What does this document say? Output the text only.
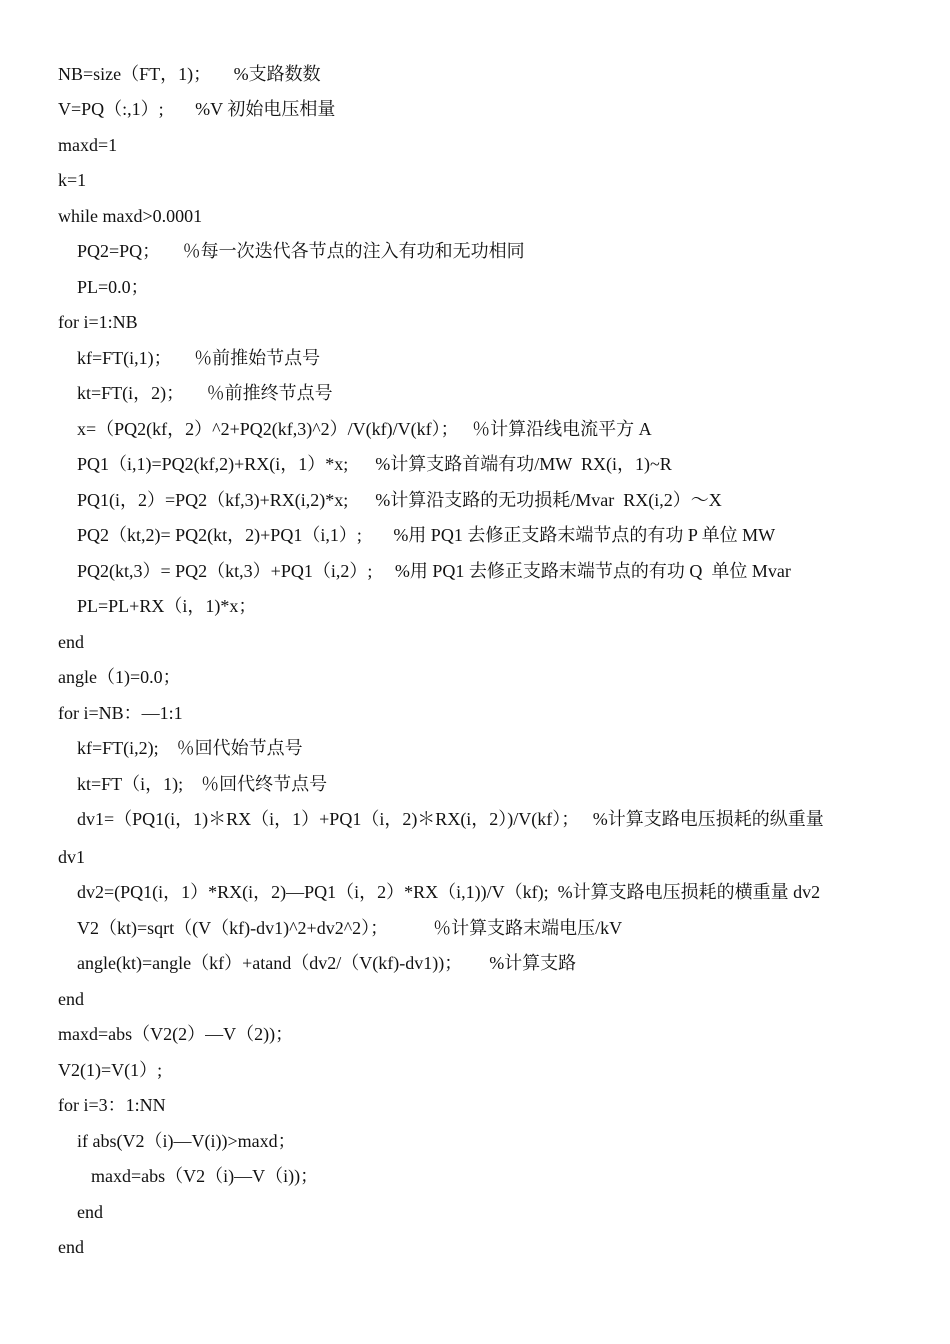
NB=size（FT，1)；     %支路数数
V=PQ（:,1）;       %V 初始电压相量
maxd=1
k=1
while maxd>0.0001
PQ2=PQ；     ％每一次迭代各节点的注入有功和无功相同
PL=0.0；
for i=1:NB
kf=FT(i,1)；     ％前推始节点号
kt=FT(i，2)；     ％前推终节点号
x=（PQ2(kf，2）^2+PQ2(kf,3)^2）/V(kf)/V(kf）；   ％计算沿线电流平方 A
PQ1（i,1)=PQ2(kf,2)+RX(i，1）*x;      %计算支路首端有功/MW  RX(i，1)~R
PQ1(i，2）=PQ2（kf,3)+RX(i,2)*x;      %计算沿支路的无功损耗/Mvar  RX(i,2）～X
PQ2（kt,2)= PQ2(kt，2)+PQ1（i,1）;       %用 PQ1 去修正支路末端节点的有功 P 单位 MW
PQ2(kt,3）= PQ2（kt,3）+PQ1（i,2）;     %用 PQ1 去修正支路末端节点的有功 Q  单位 Mvar
PL=PL+RX（i，1)*x；
end
angle（1)=0.0；
for i=NB：—1:1
kf=FT(i,2);    ％回代始节点号
kt=FT（i，1);    ％回代终节点号
dv1=（PQ1(i，1)＊RX（i，1）+PQ1（i，2)＊RX(i，2）)/V(kf）；   %计算支路电压损耗的纵重量
dv1
dv2=(PQ1(i，1）*RX(i，2)—PQ1（i，2）*RX（i,1))/V（kf);  %计算支路电压损耗的横重量 dv2
V2（kt)=sqrt（(V（kf)-dv1)^2+dv2^2）；          ％计算支路末端电压/kV
angle(kt)=angle（kf）+atand（dv2/（V(kf)-dv1))；      %计算支路
end
maxd=abs（V2(2）—V（2))；
V2(1)=V(1）;
for i=3：1:NN
if abs(V2（i)—V(i))>maxd；
maxd=abs（V2（i)—V（i))；
end
end
